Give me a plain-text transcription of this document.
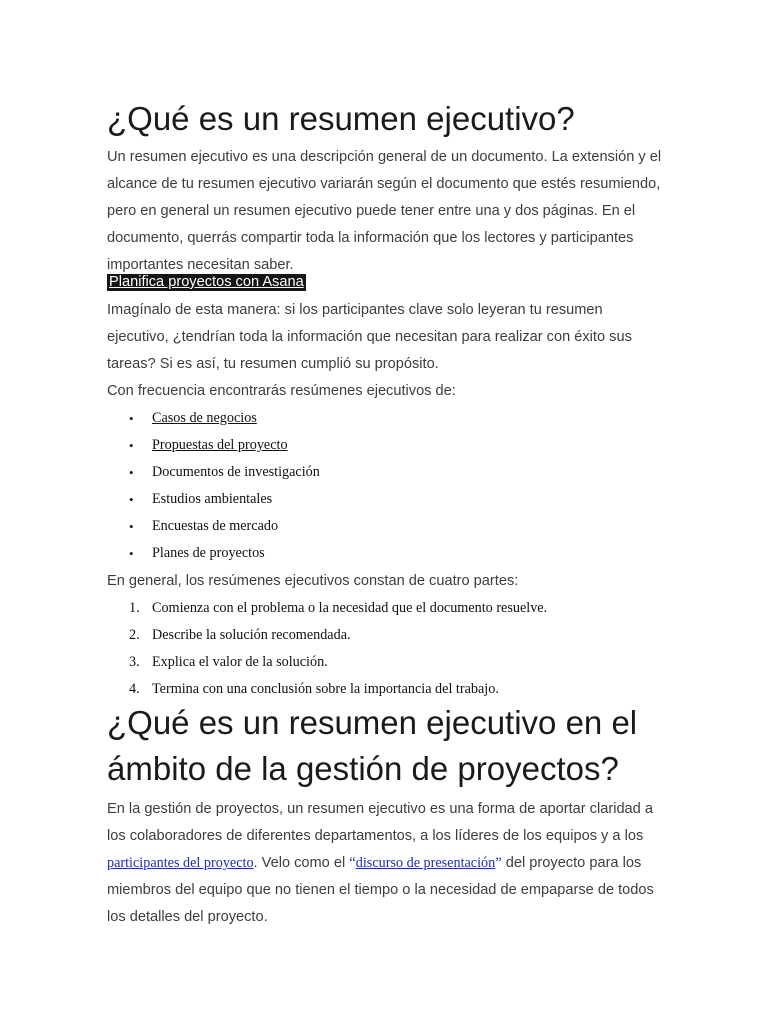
¿Qué es un resumen ejecutivo?

Un resumen ejecutivo es una descripción general de un documento. La extensión y el alcance de tu resumen ejecutivo variarán según el documento que estés resumiendo, pero en general un resumen ejecutivo puede tener entre una y dos páginas. En el documento, querrás compartir toda la información que los lectores y participantes importantes necesitan saber.

Planifica proyectos con Asana

Imagínalo de esta manera: si los participantes clave solo leyeran tu resumen ejecutivo, ¿tendrían toda la información que necesitan para realizar con éxito sus tareas? Si es así, tu resumen cumplió su propósito.

Con frecuencia encontrarás resúmenes ejecutivos de:

• Casos de negocios
• Propuestas del proyecto
• Documentos de investigación
• Estudios ambientales
• Encuestas de mercado
• Planes de proyectos

En general, los resúmenes ejecutivos constan de cuatro partes:

1. Comienza con el problema o la necesidad que el documento resuelve.
2. Describe la solución recomendada.
3. Explica el valor de la solución.
4. Termina con una conclusión sobre la importancia del trabajo.
¿Qué es un resumen ejecutivo en el ámbito de la gestión de proyectos?

En la gestión de proyectos, un resumen ejecutivo es una forma de aportar claridad a los colaboradores de diferentes departamentos, a los líderes de los equipos y a los participantes del proyecto. Velo como el “discurso de presentación” del proyecto para los miembros del equipo que no tienen el tiempo o la necesidad de empaparse de todos los detalles del proyecto.
